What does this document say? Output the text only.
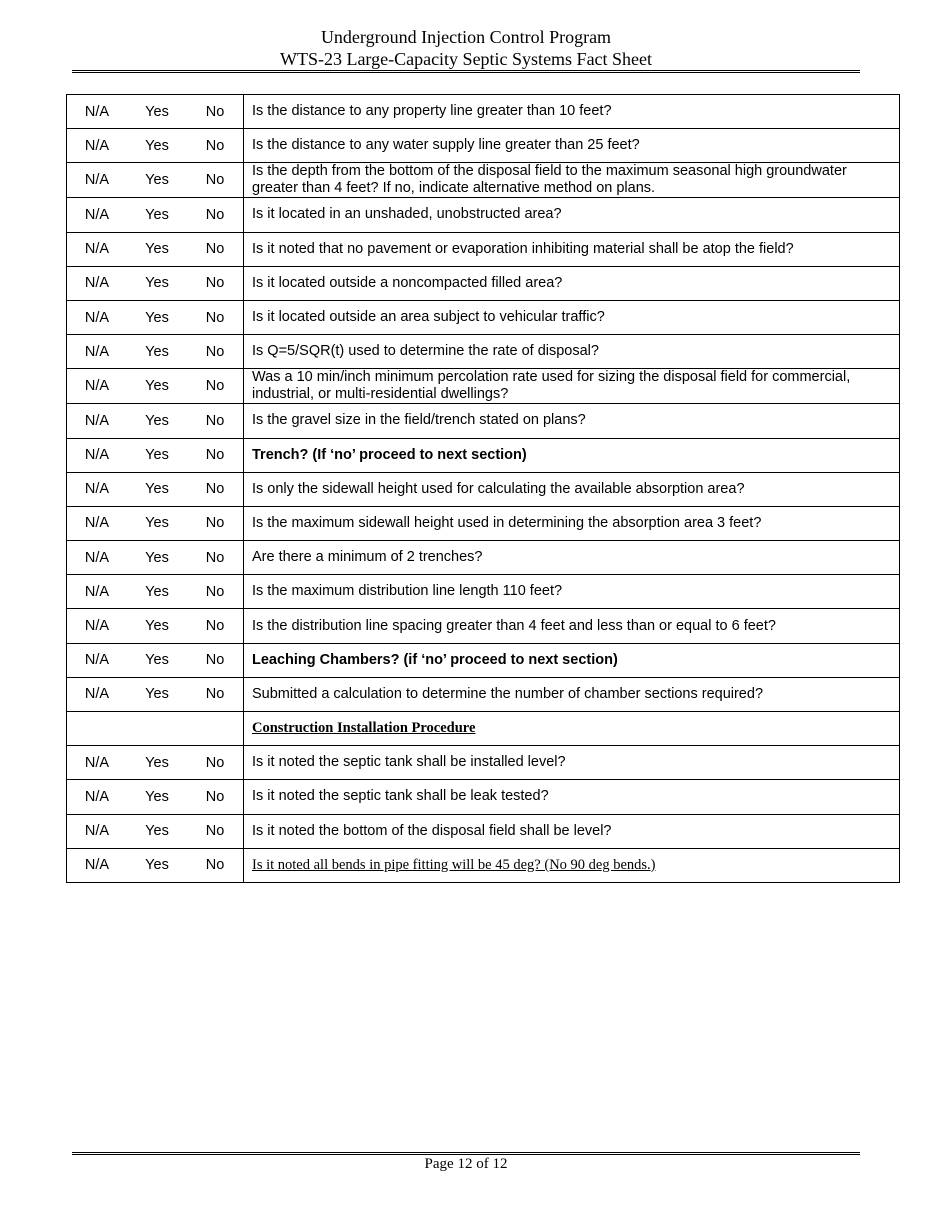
Underground Injection Control Program
WTS-23 Large-Capacity Septic Systems Fact Sheet
N/A	Yes	No	Is the distance to any property line greater than 10 feet?
N/A	Yes	No	Is the distance to any water supply line greater than 25 feet?
N/A	Yes	No	Is the depth from the bottom of the disposal field to the maximum seasonal high groundwater greater than 4 feet? If no, indicate alternative method on plans.
N/A	Yes	No	Is it located in an unshaded, unobstructed area?
N/A	Yes	No	Is it noted that no pavement or evaporation inhibiting material shall be atop the field?
N/A	Yes	No	Is it located outside a noncompacted filled area?
N/A	Yes	No	Is it located outside an area subject to vehicular traffic?
N/A	Yes	No	Is Q=5/SQR(t) used to determine the rate of disposal?
N/A	Yes	No	Was a 10 min/inch minimum percolation rate used for sizing the disposal field for commercial, industrial, or multi-residential dwellings?
N/A	Yes	No	Is the gravel size in the field/trench stated on plans?
N/A	Yes	No	Trench? (If ‘no’ proceed to next section)
N/A	Yes	No	Is only the sidewall height used for calculating the available absorption area?
N/A	Yes	No	Is the maximum sidewall height used in determining the absorption area 3 feet?
N/A	Yes	No	Are there a minimum of 2 trenches?
N/A	Yes	No	Is the maximum distribution line length 110 feet?
N/A	Yes	No	Is the distribution line spacing greater than 4 feet and less than or equal to 6 feet?
N/A	Yes	No	Leaching Chambers? (if ‘no’ proceed to next section)
N/A	Yes	No	Submitted a calculation to determine the number of chamber sections required?
			Construction Installation Procedure
N/A	Yes	No	Is it noted the septic tank shall be installed level?
N/A	Yes	No	Is it noted the septic tank shall be leak tested?
N/A	Yes	No	Is it noted the bottom of the disposal field shall be level?
N/A	Yes	No	Is it noted all bends in pipe fitting will be 45 deg? (No 90 deg bends.)
Page 12 of 12
